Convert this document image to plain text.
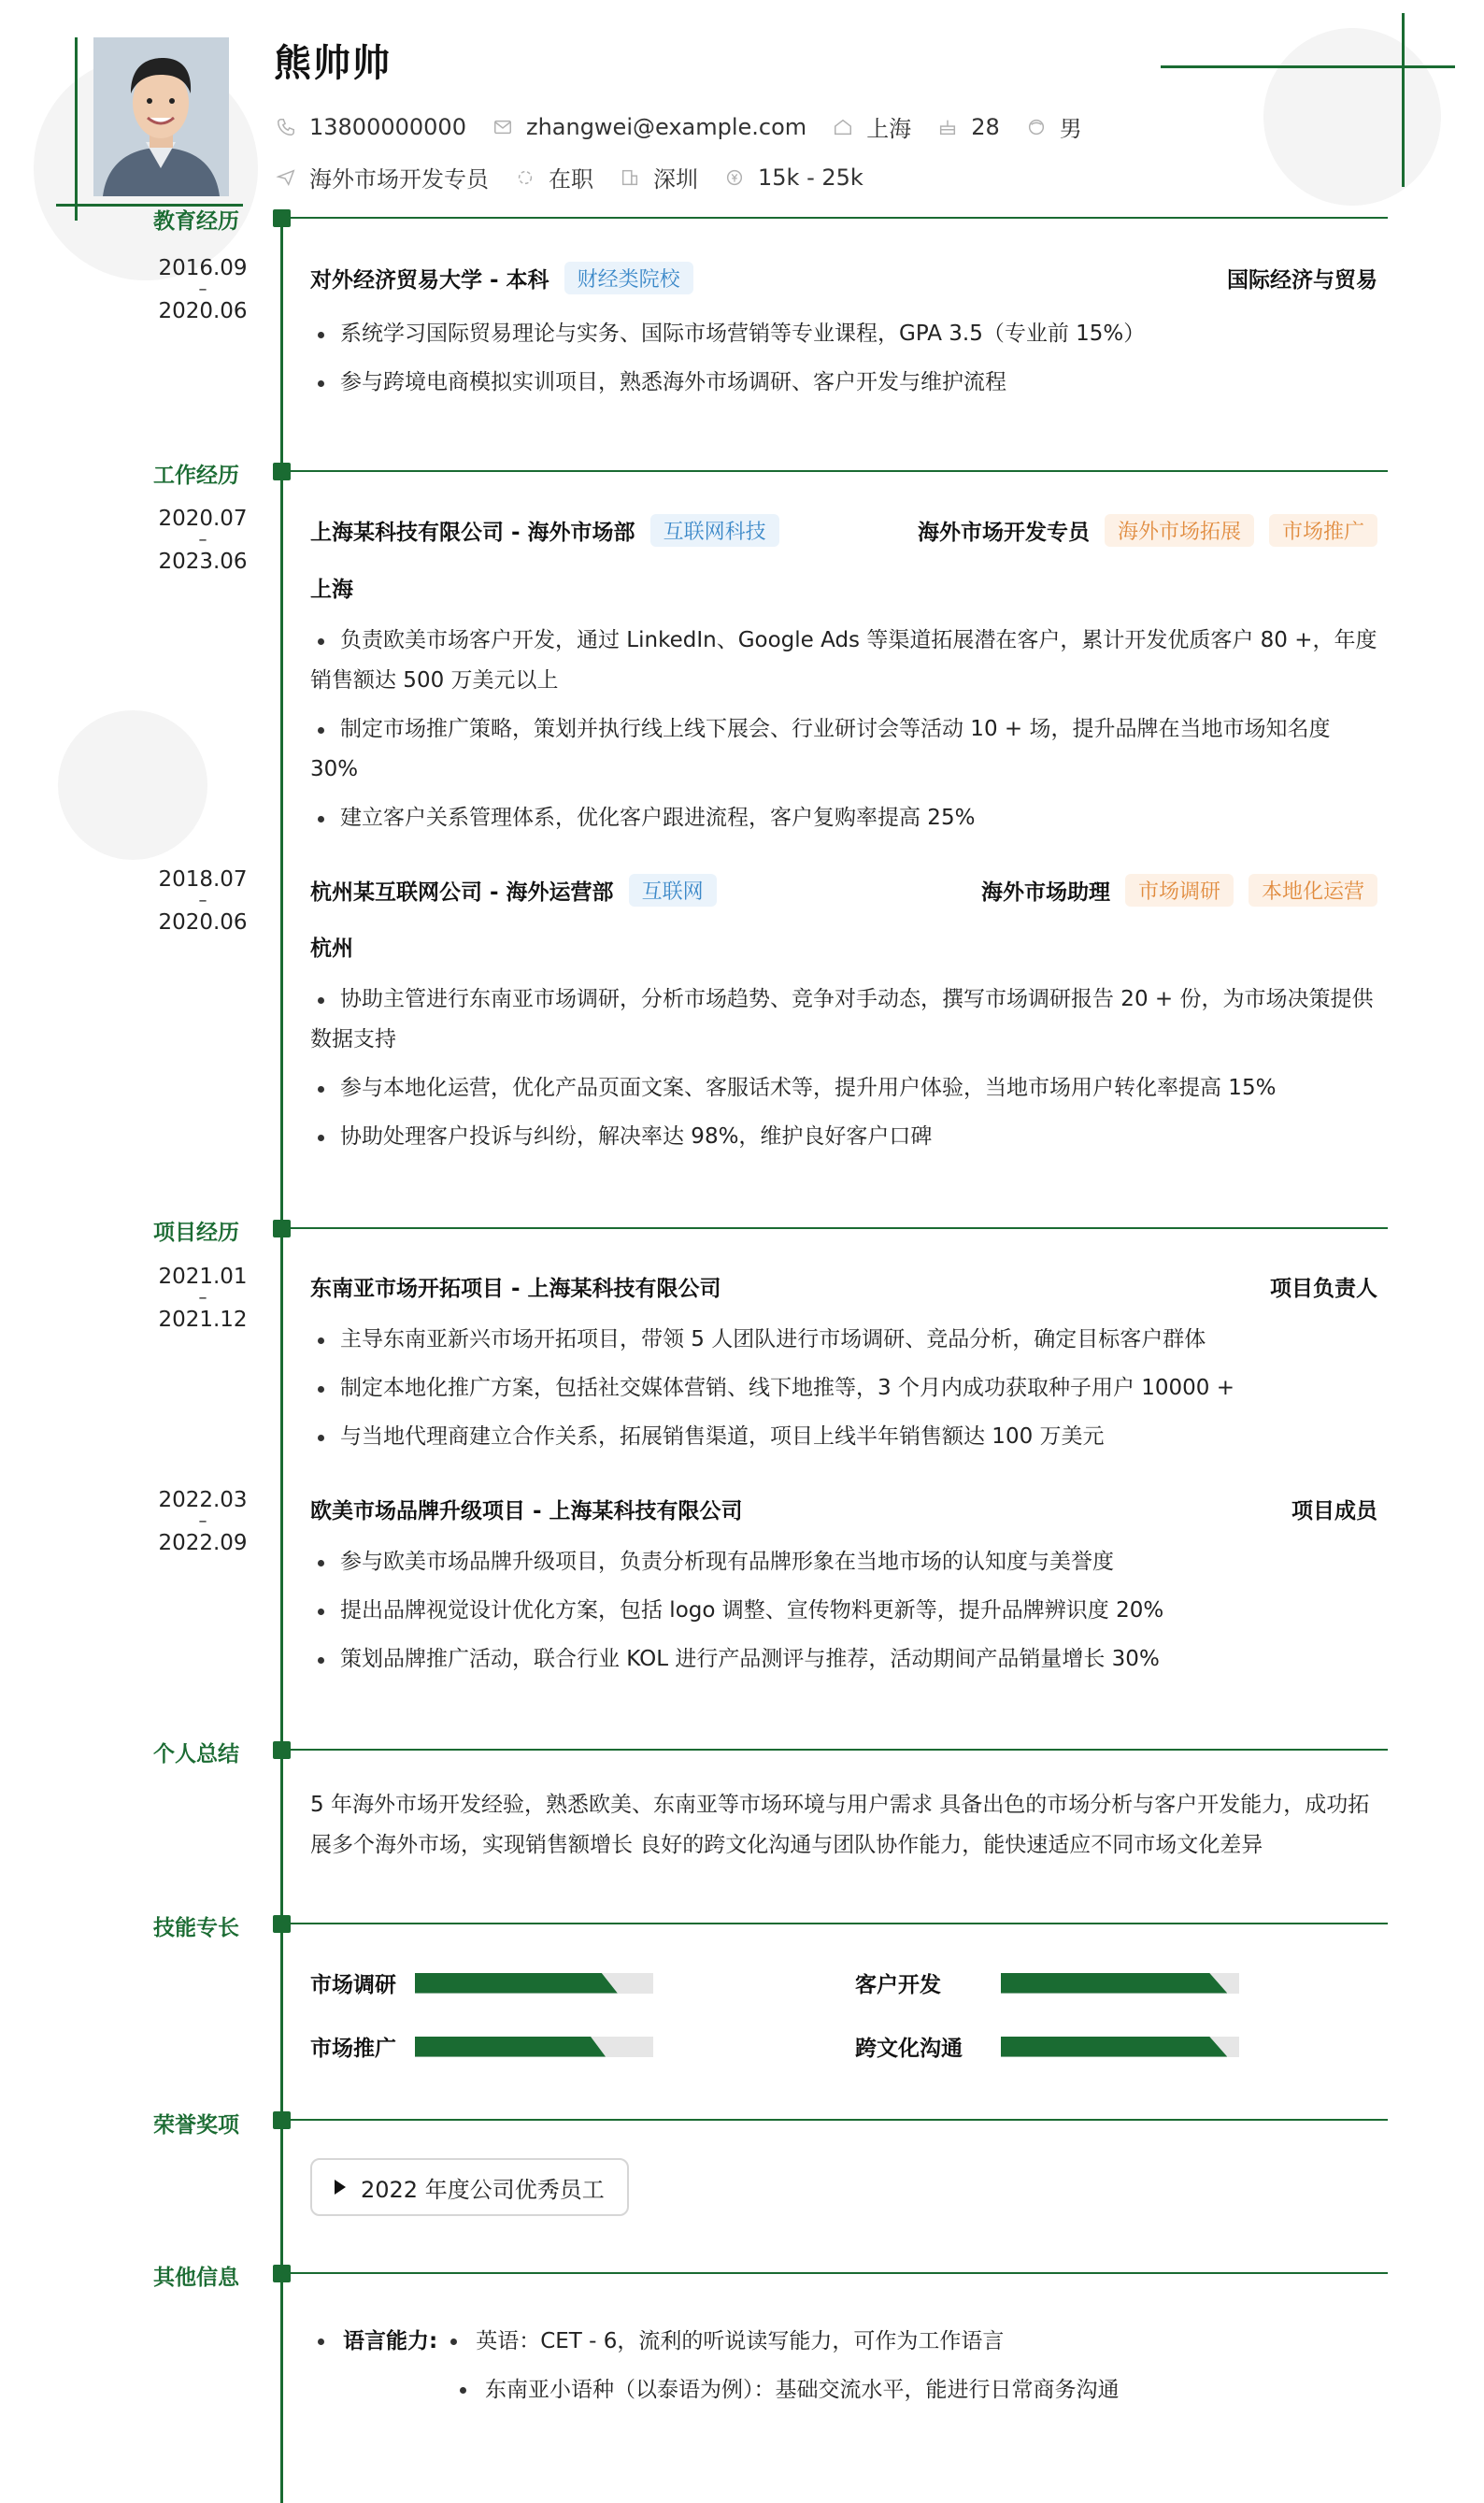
熊帅帅
13800000000	zhangwei@example.com	上海	28	男
海外市场开发专员	在职	深圳	15k - 25k
教育经历
2016.09
–
2020.06
对外经济贸易大学 - 本科	财经类院校	国际经济与贸易
系统学习国际贸易理论与实务、国际市场营销等专业课程，GPA 3.5（专业前 15%）
参与跨境电商模拟实训项目，熟悉海外市场调研、客户开发与维护流程
工作经历
2020.07
–
2023.06
上海某科技有限公司 - 海外市场部	互联网科技	海外市场开发专员	海外市场拓展	市场推广
上海
负责欧美市场客户开发，通过 LinkedIn、Google Ads 等渠道拓展潜在客户，累计开发优质客户 80 +，年度销售额达 500 万美元以上
制定市场推广策略，策划并执行线上线下展会、行业研讨会等活动 10 + 场，提升品牌在当地市场知名度 30%
建立客户关系管理体系，优化客户跟进流程，客户复购率提高 25%
2018.07
–
2020.06
杭州某互联网公司 - 海外运营部	互联网	海外市场助理	市场调研	本地化运营
杭州
协助主管进行东南亚市场调研，分析市场趋势、竞争对手动态，撰写市场调研报告 20 + 份，为市场决策提供数据支持
参与本地化运营，优化产品页面文案、客服话术等，提升用户体验，当地市场用户转化率提高 15%
协助处理客户投诉与纠纷，解决率达 98%，维护良好客户口碑
项目经历
2021.01
–
2021.12
东南亚市场开拓项目 - 上海某科技有限公司	项目负责人
主导东南亚新兴市场开拓项目，带领 5 人团队进行市场调研、竞品分析，确定目标客户群体
制定本地化推广方案，包括社交媒体营销、线下地推等，3 个月内成功获取种子用户 10000 +
与当地代理商建立合作关系，拓展销售渠道，项目上线半年销售额达 100 万美元
2022.03
–
2022.09
欧美市场品牌升级项目 - 上海某科技有限公司	项目成员
参与欧美市场品牌升级项目，负责分析现有品牌形象在当地市场的认知度与美誉度
提出品牌视觉设计优化方案，包括 logo 调整、宣传物料更新等，提升品牌辨识度 20%
策划品牌推广活动，联合行业 KOL 进行产品测评与推荐，活动期间产品销量增长 30%
个人总结
5 年海外市场开发经验，熟悉欧美、东南亚等市场环境与用户需求 具备出色的市场分析与客户开发能力，成功拓展多个海外市场，实现销售额增长 良好的跨文化沟通与团队协作能力，能快速适应不同市场文化差异
技能专长
市场调研	客户开发
市场推广	跨文化沟通
荣誉奖项
2022 年度公司优秀员工
其他信息
语言能力: 英语：CET - 6，流利的听说读写能力，可作为工作语言
东南亚小语种（以泰语为例）：基础交流水平，能进行日常商务沟通
